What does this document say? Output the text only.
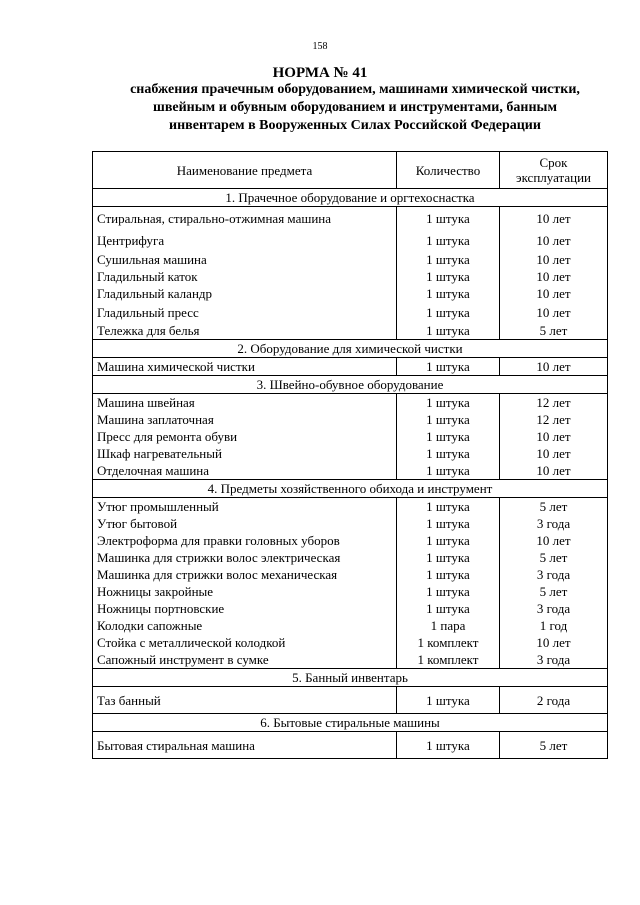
158
НОРМА № 41
снабжения прачечным оборудованием, машинами химической чистки, швейным и обувным оборудованием и инструментами, банным инвентарем в Вооруженных Силах Российской Федерации
Наименование предмета	Количество	Срок
эксплуатации

1. Прачечное оборудование и оргтехоснастка		
Стиральная, стирально-отжимная машина	1 штука	10 лет
Центрифуга	1 штука	10 лет
Сушильная машина	1 штука	10 лет
Гладильный каток	1 штука	10 лет
Гладильный каландр	1 штука	10 лет
Гладильный пресс	1 штука	10 лет
Тележка для белья	1 штука	5 лет
2. Оборудование для химической чистки		
Машина химической чистки	1 штука	10 лет
3. Швейно-обувное оборудование		
Машина швейная	1 штука	12 лет
Машина заплаточная	1 штука	12 лет
Пресс для ремонта обуви	1 штука	10 лет
Шкаф нагревательный	1 штука	10 лет
Отделочная машина	1 штука	10 лет
4. Предметы хозяйственного обихода и инструмент		
Утюг промышленный	1 штука	5 лет
Утюг бытовой	1 штука	3 года
Электроформа для правки головных уборов	1 штука	10 лет
Машинка для стрижки волос электрическая	1 штука	5 лет
Машинка для стрижки волос механическая	1 штука	3 года
Ножницы закройные	1 штука	5 лет
Ножницы портновские	1 штука	3 года
Колодки сапожные	1 пара	1 год
Стойка с металлической колодкой	1 комплект	10 лет
Сапожный инструмент в сумке	1 комплект	3 года
5. Банный инвентарь		
Таз банный	1 штука	2 года
6. Бытовые стиральные машины		
Бытовая стиральная машина	1 штука	5 лет
